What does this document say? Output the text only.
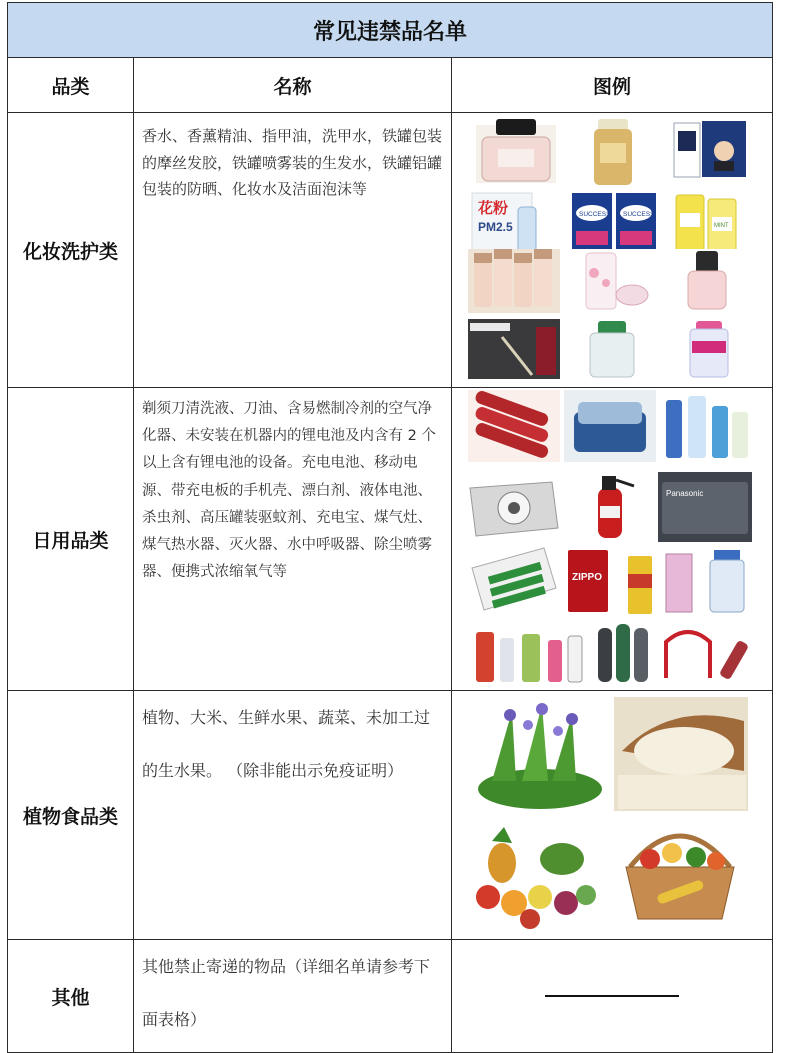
常见违禁品名单		
品类	名称	图例
化妆洗护类	香水、香薰精油、指甲油，洗甲水，铁罐包装的摩丝发胶，铁罐喷雾装的生发水，铁罐铝罐包装的防晒、化妆水及洁面泡沫等	花粉
PM2.5
SUCCESS SUCCESS
MINT

日用品类	剃须刀清洗液、刀油、含易燃制冷剂的空气净化器、未安装在机器内的锂电池及内含有 2 个以上含有锂电池的设备。充电电池、移动电源、带充电板的手机壳、漂白剂、液体电池、杀虫剂、高压罐装驱蚊剂、充电宝、煤气灶、煤气热水器、灭火器、水中呼吸器、除尘喷雾器、便携式浓缩氧气等	Panasonic
ZIPPO

植物食品类	植物、大米、生鲜水果、蔬菜、未加工过的生水果。 （除非能出示免疫证明）	
其他	其他禁止寄递的物品（详细名单请参考下面表格）	
